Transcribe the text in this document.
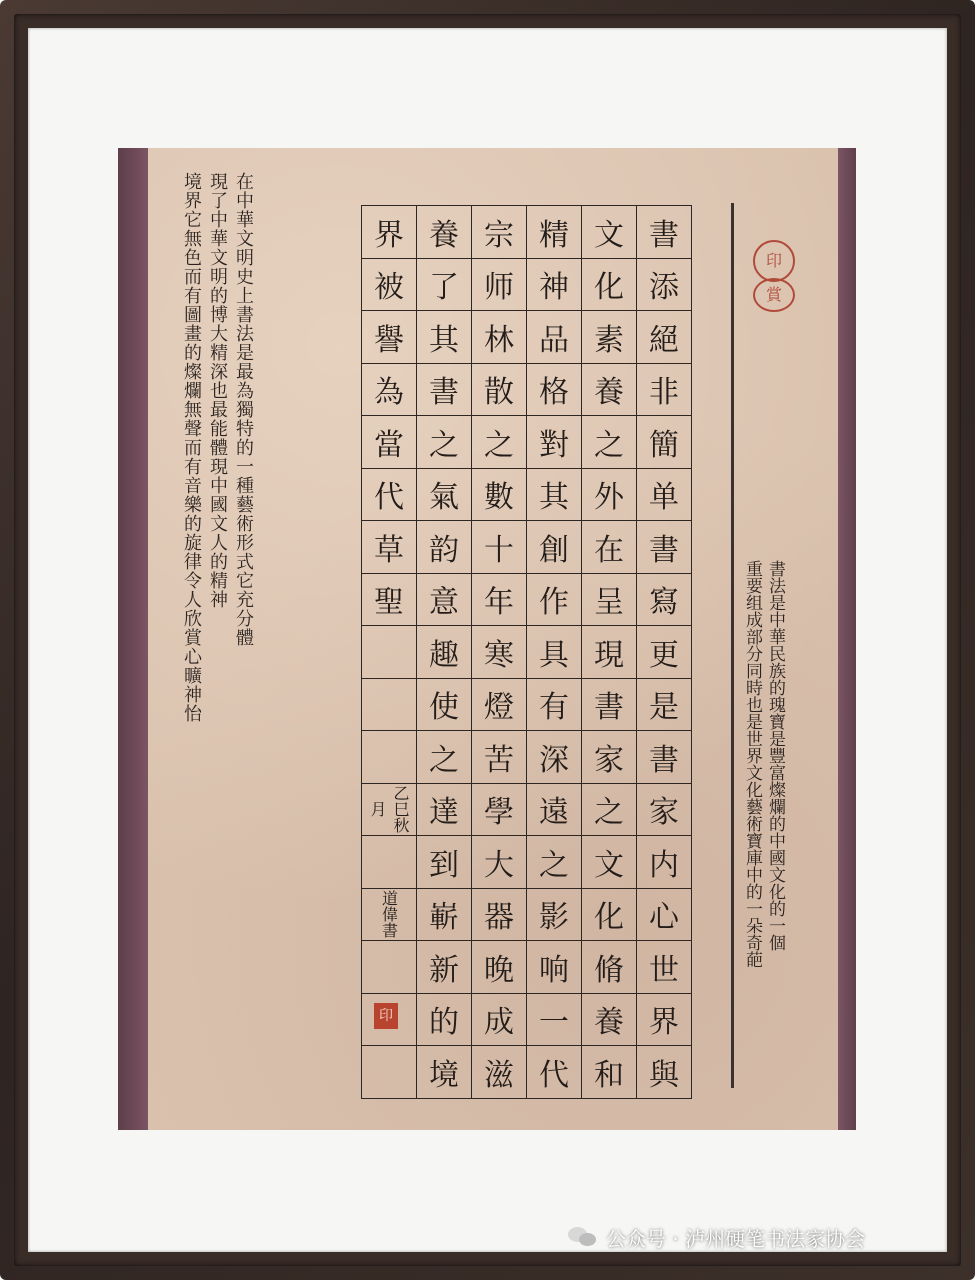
在中華文明史上書法是最為獨特的一種藝術形式它充分體
現了中華文明的博大精深也最能體現中國文人的精神
境界它無色而有圖畫的燦爛無聲而有音樂的旋律令人欣賞心曠神怡	界	養	宗	精	文	書
被	了	师	神	化	添
譽	其	林	品	素	絕
為	書	散	格	養	非
當	之	之	對	之	簡
代	氣	數	其	外	单
草	韵	十	創	在	書
聖	意	年	作	呈	寫
	趣	寒	具	現	更
	使	燈	有	書	是
	之	苦	深	家	書
乙巳秋月	達	學	遠	之	家
	到	大	之	文	内
道偉書	嶄	器	影	化	心
	新	晚	响	脩	世
	的	成	一	養	界
	境	滋	代	和	與
印
賞
書法是中華民族的瑰寶是豐富燦爛的中國文化的一個
重要组成部分同時也是世界文化藝術寶庫中的一朵奇葩
印
公众号 · 泸州硬笔书法家协会
